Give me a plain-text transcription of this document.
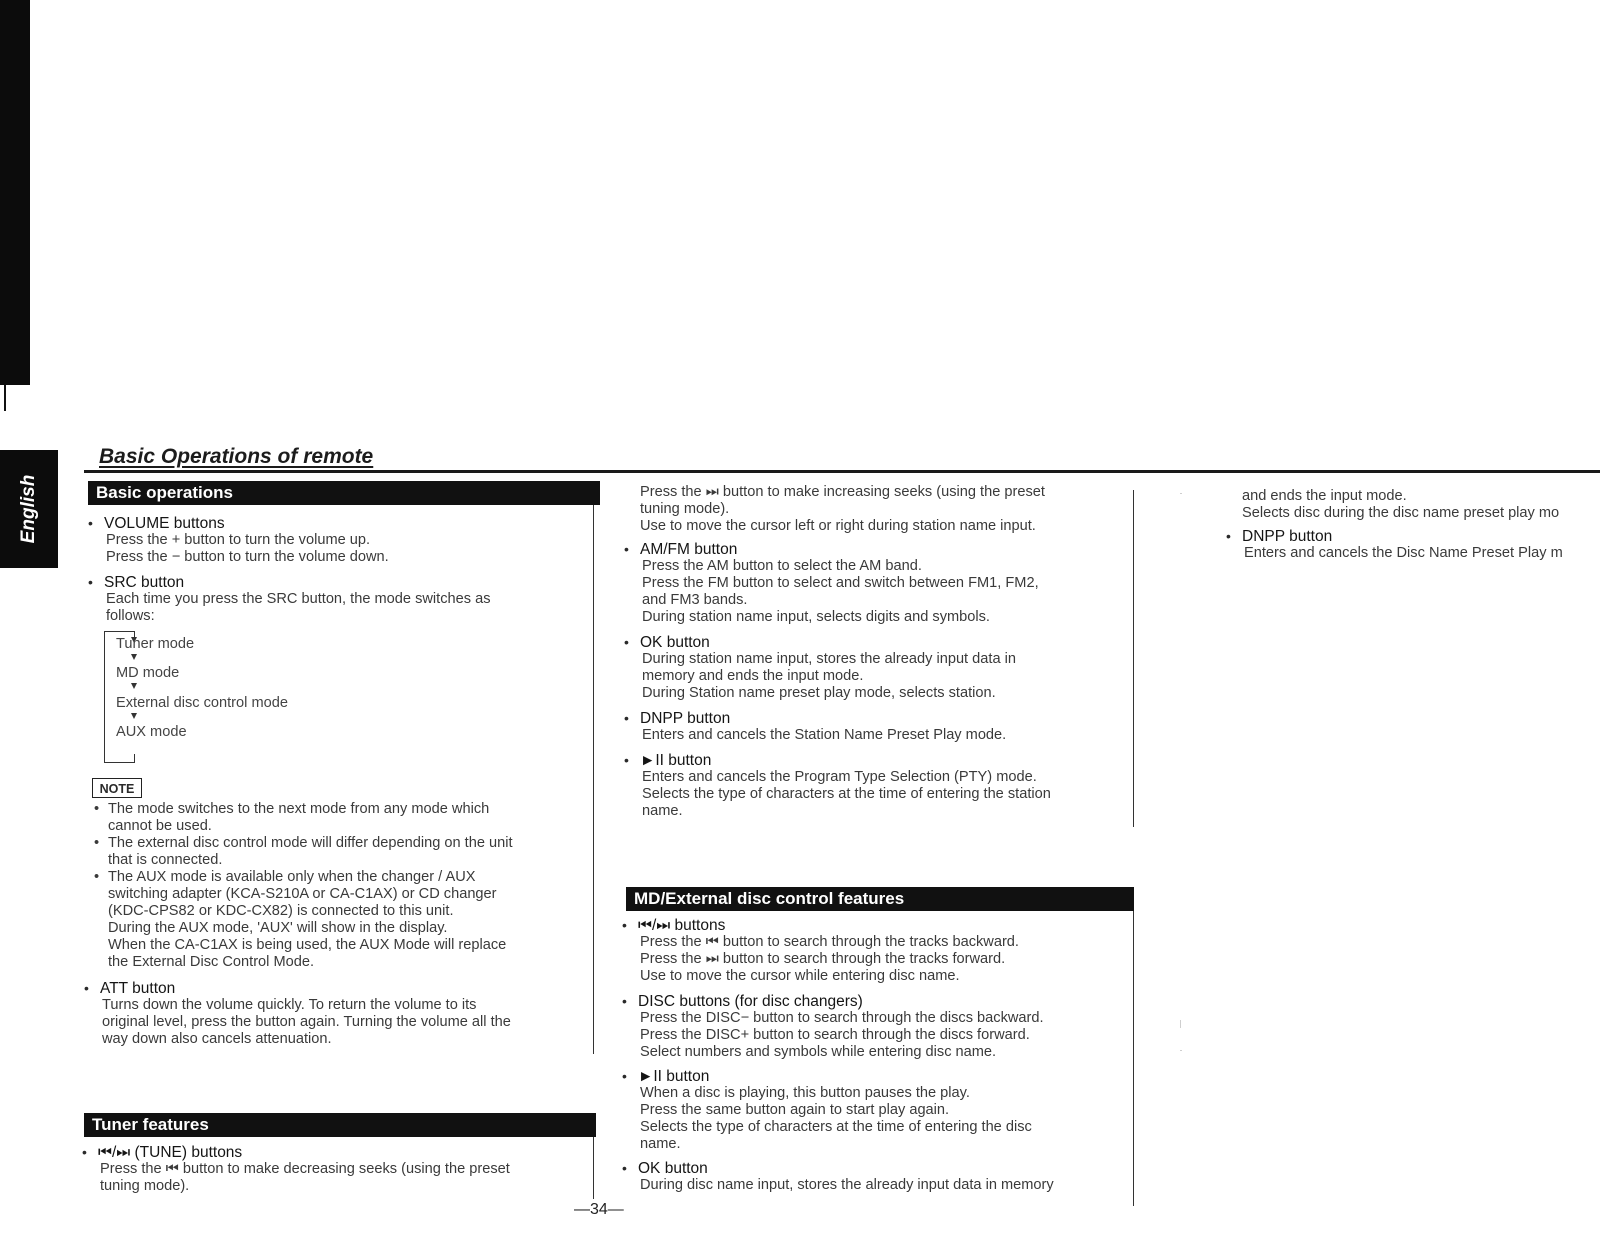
English
Basic Operations of remote
Basic operations
• VOLUME buttons
Press the + button to turn the volume up.
Press the − button to turn the volume down.
• SRC button
Each time you press the SRC button, the mode switches as
follows:
Tuner mode
MD mode
External disc control mode
AUX mode
NOTE
• The mode switches to the next mode from any mode which
cannot be used.
• The external disc control mode will differ depending on the unit
that is connected.
• The AUX mode is available only when the changer / AUX
switching adapter (KCA-S210A or CA-C1AX) or CD changer
(KDC-CPS82 or KDC-CX82) is connected to this unit.
During the AUX mode, 'AUX' will show in the display.
When the CA-C1AX is being used, the AUX Mode will replace
the External Disc Control Mode.
• ATT button
Turns down the volume quickly. To return the volume to its
original level, press the button again. Turning the volume all the
way down also cancels attenuation.
Tuner features
• ⏮/⏭ (TUNE) buttons
Press the ⏮ button to make decreasing seeks (using the preset
tuning mode).
Press the ⏭ button to make increasing seeks (using the preset
tuning mode).
Use to move the cursor left or right during station name input.
• AM/FM button
Press the AM button to select the AM band.
Press the FM button to select and switch between FM1, FM2,
and FM3 bands.
During station name input, selects digits and symbols.
• OK button
During station name input, stores the already input data in
memory and ends the input mode.
During Station name preset play mode, selects station.
• DNPP button
Enters and cancels the Station Name Preset Play mode.
• ►II button
Enters and cancels the Program Type Selection (PTY) mode.
Selects the type of characters at the time of entering the station
name.
MD/External disc control features
• ⏮/⏭ buttons
Press the ⏮ button to search through the tracks backward.
Press the ⏭ button to search through the tracks forward.
Use to move the cursor while entering disc name.
• DISC buttons (for disc changers)
Press the DISC− button to search through the discs backward.
Press the DISC+ button to search through the discs forward.
Select numbers and symbols while entering disc name.
• ►II button
When a disc is playing, this button pauses the play.
Press the same button again to start play again.
Selects the type of characters at the time of entering the disc
name.
• OK button
During disc name input, stores the already input data in memory
and ends the input mode.
Selects disc during the disc name preset play mo
• DNPP button
Enters and cancels the Disc Name Preset Play m
—34—
